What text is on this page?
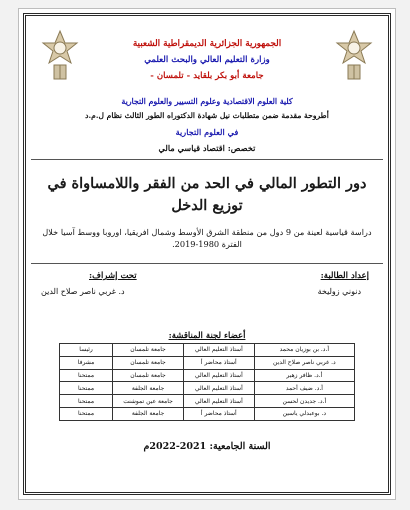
الجمهورية الجزائرية الديمقراطية الشعبية
وزارة التعليم العالي والبحث العلمي
جامعة أبو بكر بلقايد - تلمسان -
كلية العلوم الاقتصادية وعلوم التسيير والعلوم التجارية
أطروحة مقدمة ضمن متطلبات نيل شهادة الدكتوراه الطور الثالث نظام ل.م.د
في العلوم التجارية
تخصص: اقتصاد قياسي مالي
دور التطور المالي في الحد من الفقر واللامساواة في توزيع الدخل
دراسة قياسية لعينة من 9 دول من منطقة الشرق الأوسط وشمال افريقيا، اوروبا ووسط آسيا خلال الفترة 1980-2019.
إعداد الطالبة:
دنوني زوليخة
تحت إشراف:
د. غربي ناصر صلاح الدين
أعضاء لجنة المناقشة:
أ.د. بن بوزيان محمد	أستاذ التعليم العالي	جامعة تلمسان	رئيسا
د. غربي ناصر صلاح الدين	أستاذ محاضر أ	جامعة تلمسان	مشرفا
أ.د. ظافر زهير	أستاذ التعليم العالي	جامعة تلمسان	ممتحنا
أ.د. ضيف أحمد	أستاذ التعليم العالي	جامعة الجلفة	ممتحنا
أ.د. جديدن لحسن	أستاذ التعليم العالي	جامعة عين تموشنت	ممتحنا
د. بوعبدلي ياسين	أستاذ محاضر أ	جامعة الجلفة	ممتحنا
السنة الجامعية: 2021-2022م
